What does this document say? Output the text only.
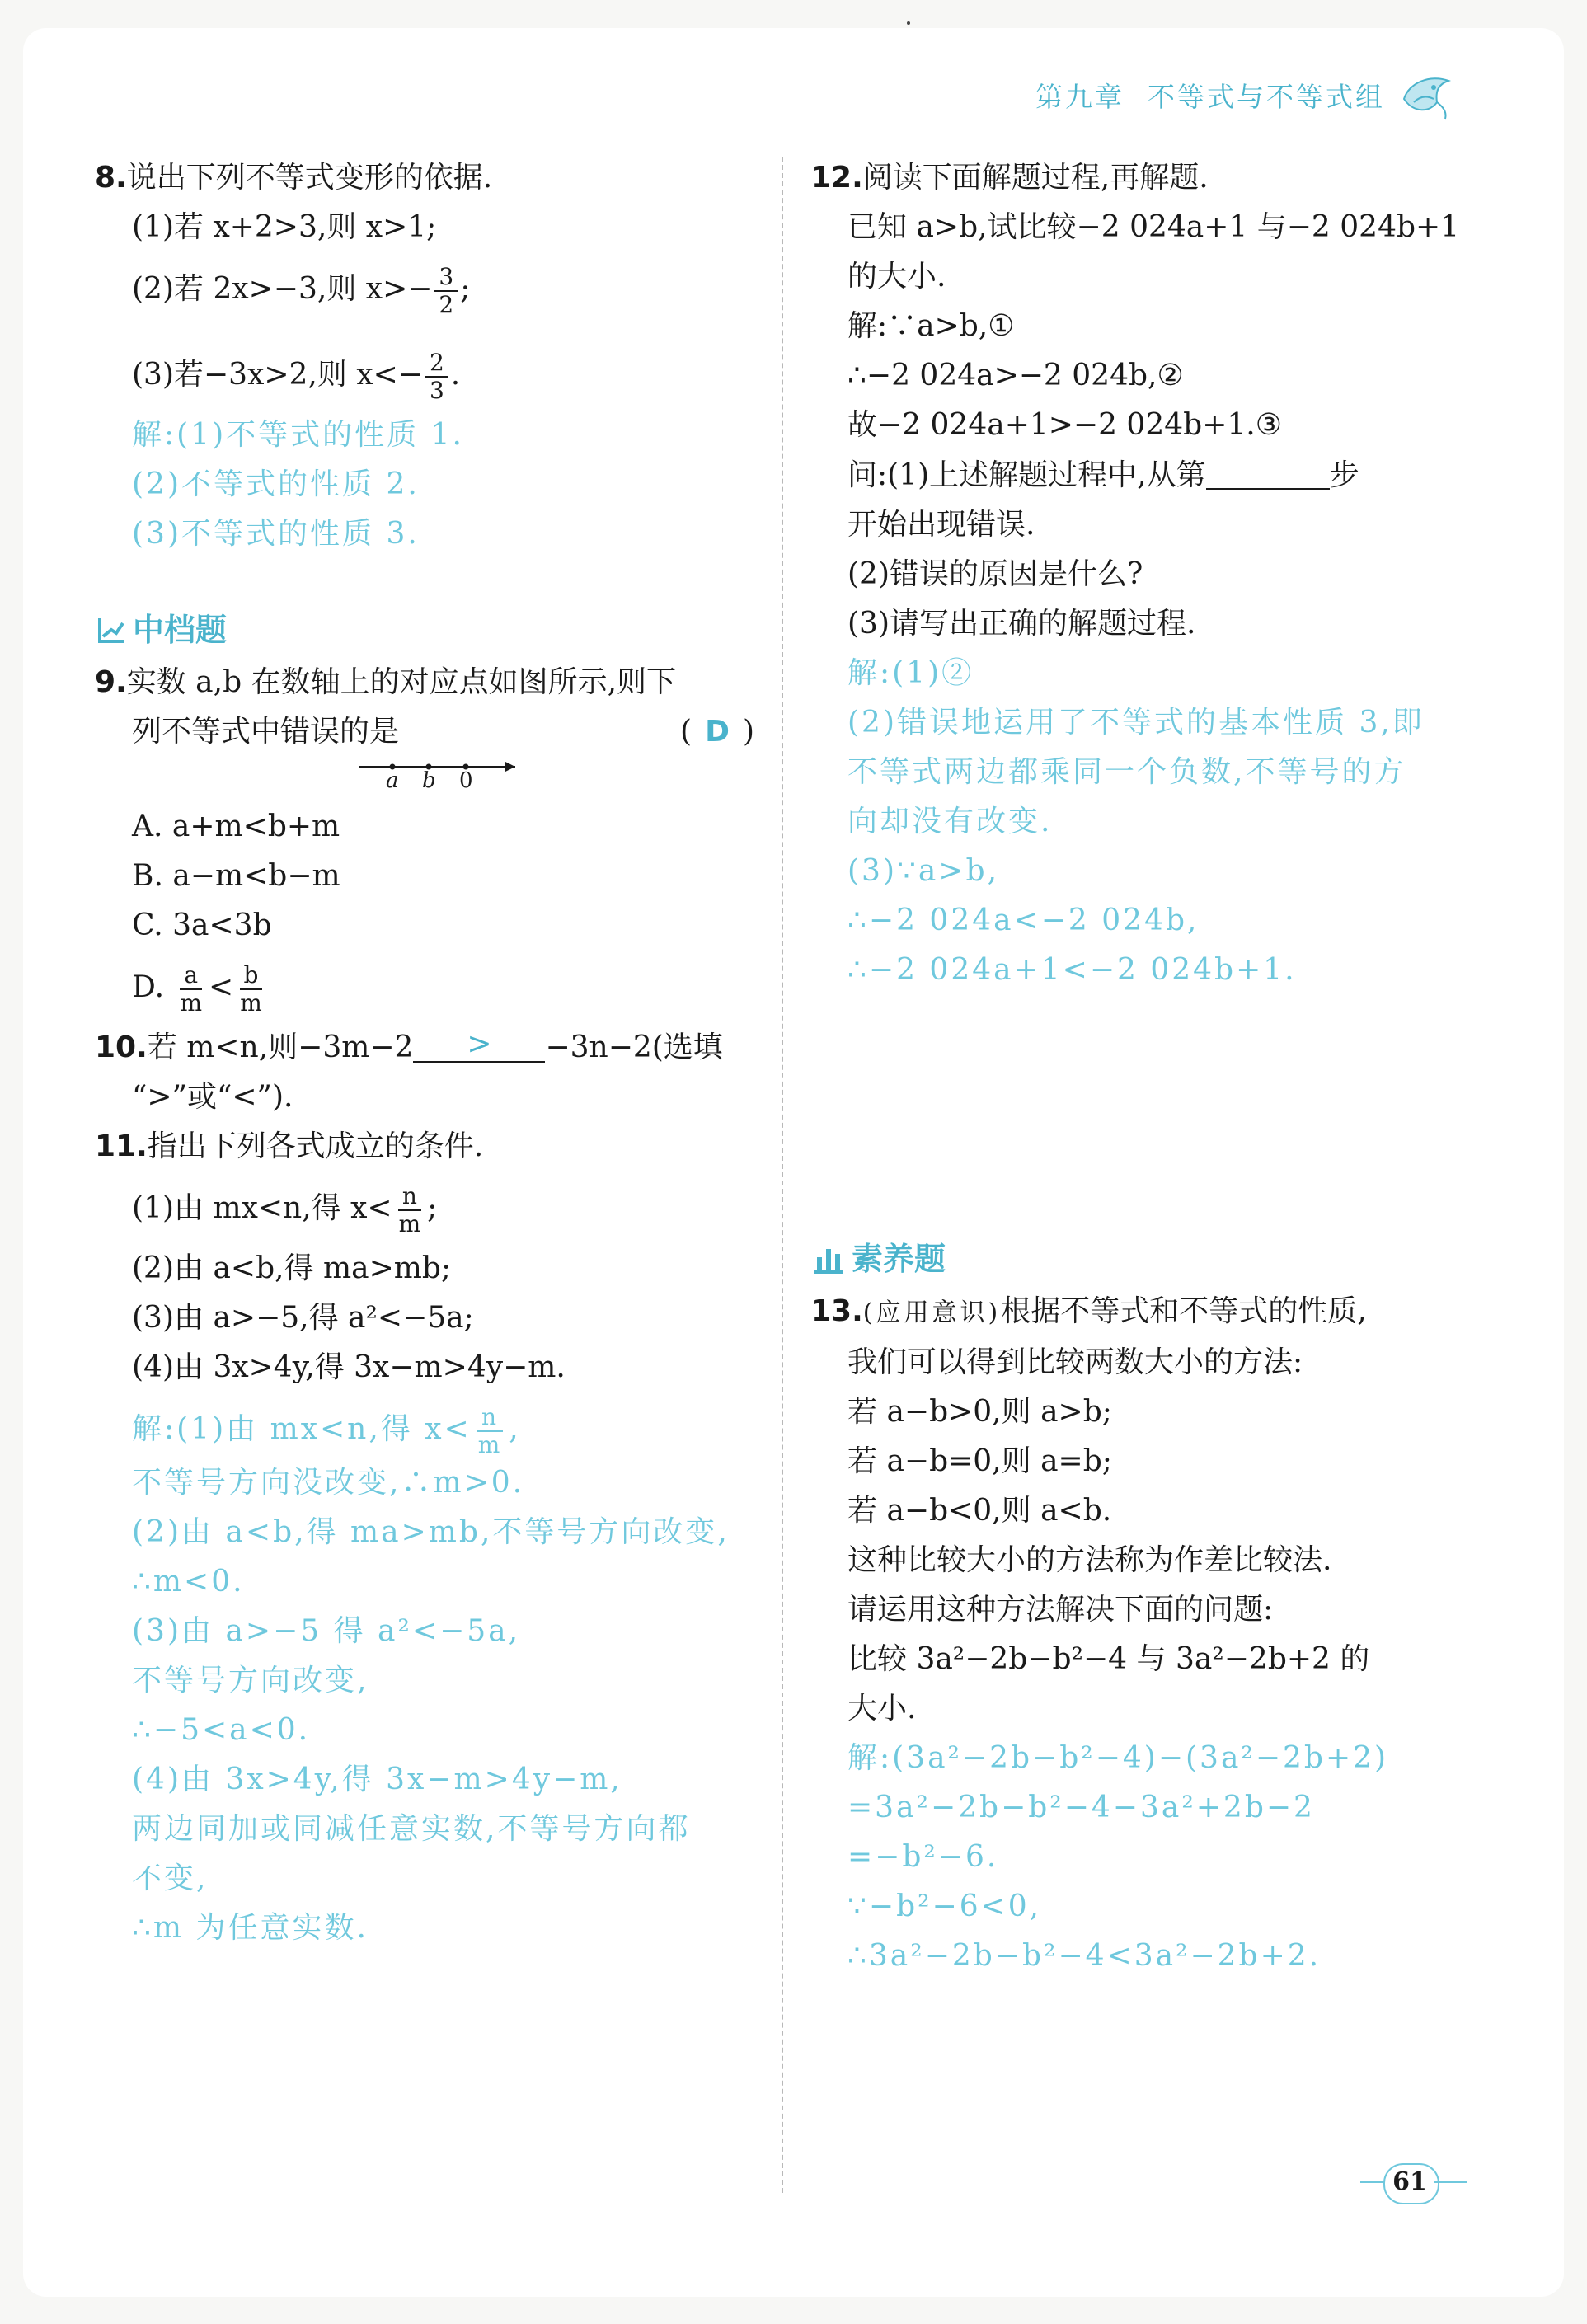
第九章 不等式与不等式组
8.说出下列不等式变形的依据.
(1)若 x+2>3,则 x>1;
(2)若 2x>−3,则 $x>- \frac{3}{2}$ ;
(3)若−3x>2,则 $x<- \frac{2}{3}$ .
解:(1)不等式的性质 1.
(2)不等式的性质 2.
(3)不等式的性质 3.
中档题
9.实数 a,b 在数轴上的对应点如图所示,则下
列不等式中错误的是	( D )
a b 0
A. a+m<b+m
B. a−m<b−m
C. 3a<3b
D. $\frac{a}{m} < \frac{b}{m}$
10.若 m<n,则−3m−2 > −3n−2(选填
“>”或“<”).
11.指出下列各式成立的条件.
(1)由 mx<n,得 $x< \frac{n}{m}$ ;
(2)由 a<b,得 ma>mb;
(3)由 a>−5,得 a²<−5a;
(4)由 3x>4y,得 3x−m>4y−m.
解:(1)由 mx<n,得 $x< \frac{n}{m}$ ,
不等号方向没改变,∴m>0.
(2)由 a<b,得 ma>mb,不等号方向改变,
∴m<0.
(3)由 a>−5 得 a²<−5a,
不等号方向改变,
∴−5<a<0.
(4)由 3x>4y,得 3x−m>4y−m,
两边同加或同减任意实数,不等号方向都
不变,
∴m 为任意实数.
12.阅读下面解题过程,再解题.
已知 a>b,试比较−2 024a+1 与−2 024b+1
的大小.
解:∵a>b,①
∴−2 024a>−2 024b,②
故−2 024a+1>−2 024b+1.③
问:(1)上述解题过程中,从第	步
开始出现错误.
(2)错误的原因是什么?
(3)请写出正确的解题过程.
解:(1)②
(2)错误地运用了不等式的基本性质 3,即
不等式两边都乘同一个负数,不等号的方
向却没有改变.
(3)∵a>b,
∴−2 024a<−2 024b,
∴−2 024a+1<−2 024b+1.
素养题
13.(应用意识)根据不等式和不等式的性质,
我们可以得到比较两数大小的方法:
若 a−b>0,则 a>b;
若 a−b=0,则 a=b;
若 a−b<0,则 a<b.
这种比较大小的方法称为作差比较法.
请运用这种方法解决下面的问题:
比较 3a²−2b−b²−4 与 3a²−2b+2 的
大小.
解:(3a²−2b−b²−4)−(3a²−2b+2)
=3a²−2b−b²−4−3a²+2b−2
=−b²−6.
∵−b²−6<0,
∴3a²−2b−b²−4<3a²−2b+2.
61
